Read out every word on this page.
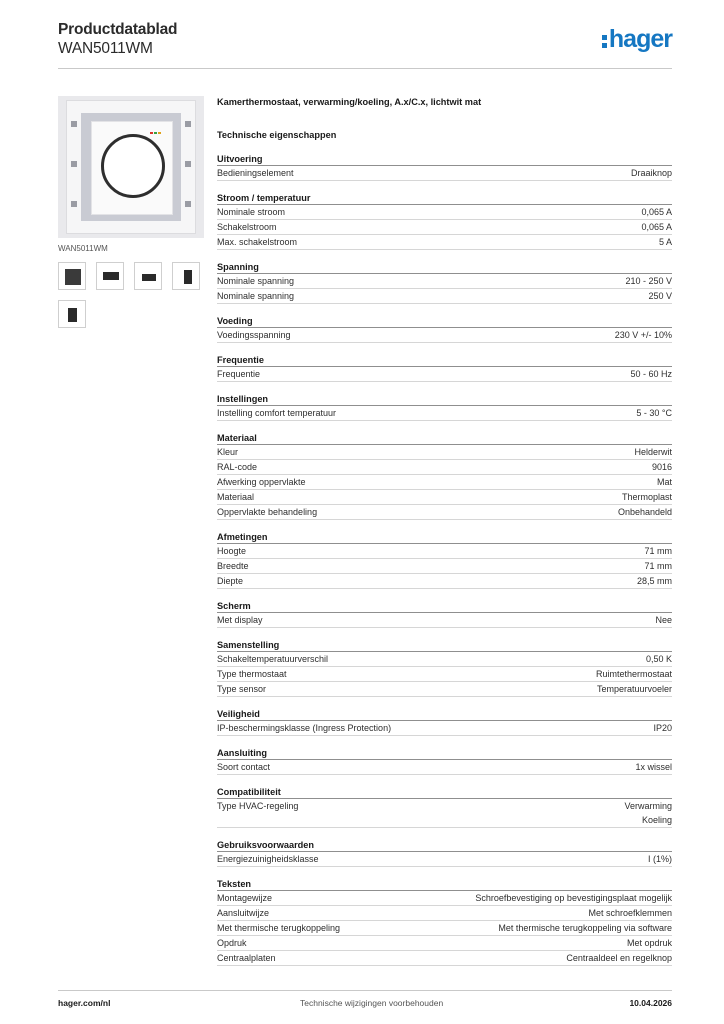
Productdatablad
WAN5011WM	hager
WAN5011WM
Kamerthermostaat, verwarming/koeling, A.x/C.x, lichtwit mat
Technische eigenschappen
Uitvoering
Bedieningselement	Draaiknop
Stroom / temperatuur
Nominale stroom	0,065 A
Schakelstroom	0,065 A
Max. schakelstroom	5 A
Spanning
Nominale spanning	210 - 250 V
Nominale spanning	250 V
Voeding
Voedingsspanning	230 V +/- 10%
Frequentie
Frequentie	50 - 60 Hz
Instellingen
Instelling comfort temperatuur	5 - 30 °C
Materiaal
Kleur	Helderwit
RAL-code	9016
Afwerking oppervlakte	Mat
Materiaal	Thermoplast
Oppervlakte behandeling	Onbehandeld
Afmetingen
Hoogte	71 mm
Breedte	71 mm
Diepte	28,5 mm
Scherm
Met display	Nee
Samenstelling
Schakeltemperatuurverschil	0,50 K
Type thermostaat	Ruimtethermostaat
Type sensor	Temperatuurvoeler
Veiligheid
IP-beschermingsklasse (Ingress Protection)	IP20
Aansluiting
Soort contact	1x wissel
Compatibiliteit
Type HVAC-regeling	Verwarming
Koeling
Gebruiksvoorwaarden
Energiezuinigheidsklasse	I (1%)
Teksten
Montagewijze	Schroefbevestiging op bevestigingsplaat mogelijk
Aansluitwijze	Met schroefklemmen
Met thermische terugkoppeling	Met thermische terugkoppeling via software
Opdruk	Met opdruk
Centraalplaten	Centraaldeel en regelknop
hager.com/nl	Technische wijzigingen voorbehouden	10.04.2026
